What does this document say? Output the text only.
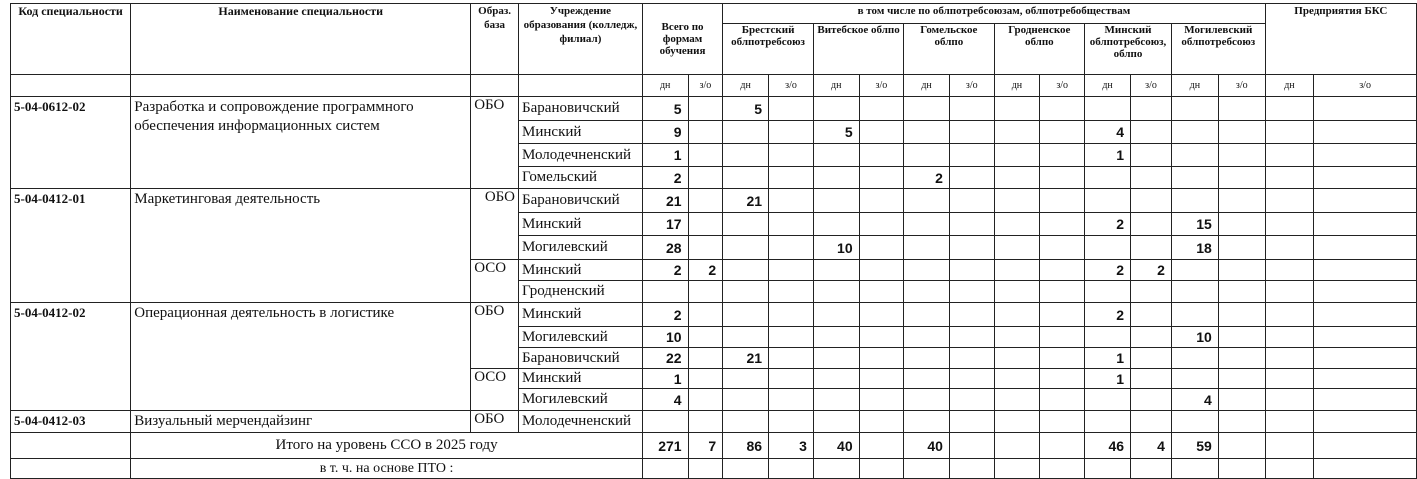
Код специальности	Наименование специальности	Образ. база	Учреждение образования (колледж, филиал)	Всего по формам обучения		в том числе по облпотребсоюзам, облпотребобществам												Предприятия БКС	
						Брестский облпотребсоюз		Витебское облпо		Гомельское облпо		Гродненское облпо		Минский облпотребсоюз, облпо		Могилевский облпотребсоюз			
				дн	з/о	дн	з/о	дн	з/о	дн	з/о	дн	з/о	дн	з/о	дн	з/о	дн	з/о
5-04-0612-02	Разработка и сопровождение программного обеспечения информационных систем	ОБО	Барановичский	5		5													
			Минский	9				5						4					
			Молодечненский	1										1					
			Гомельский	2						2									
5-04-0412-01	Маркетинговая деятельность	ОБО	Барановичский	21		21													
			Минский	17										2		15			
			Могилевский	28				10								18			
		ОСО	Минский	2	2									2	2				
			Гродненский																
5-04-0412-02	Операционная деятельность в логистике	ОБО	Минский	2										2					
			Могилевский	10												10			
			Барановичский	22		21								1					
		ОСО	Минский	1										1					
			Могилевский	4												4			
5-04-0412-03	Визуальный мерчендайзинг	ОБО	Молодечненский																
	Итого на уровень ССО в 2025 году			271	7	86	3	40		40				46	4	59			
	в т. ч. на основе ПТО :																		
